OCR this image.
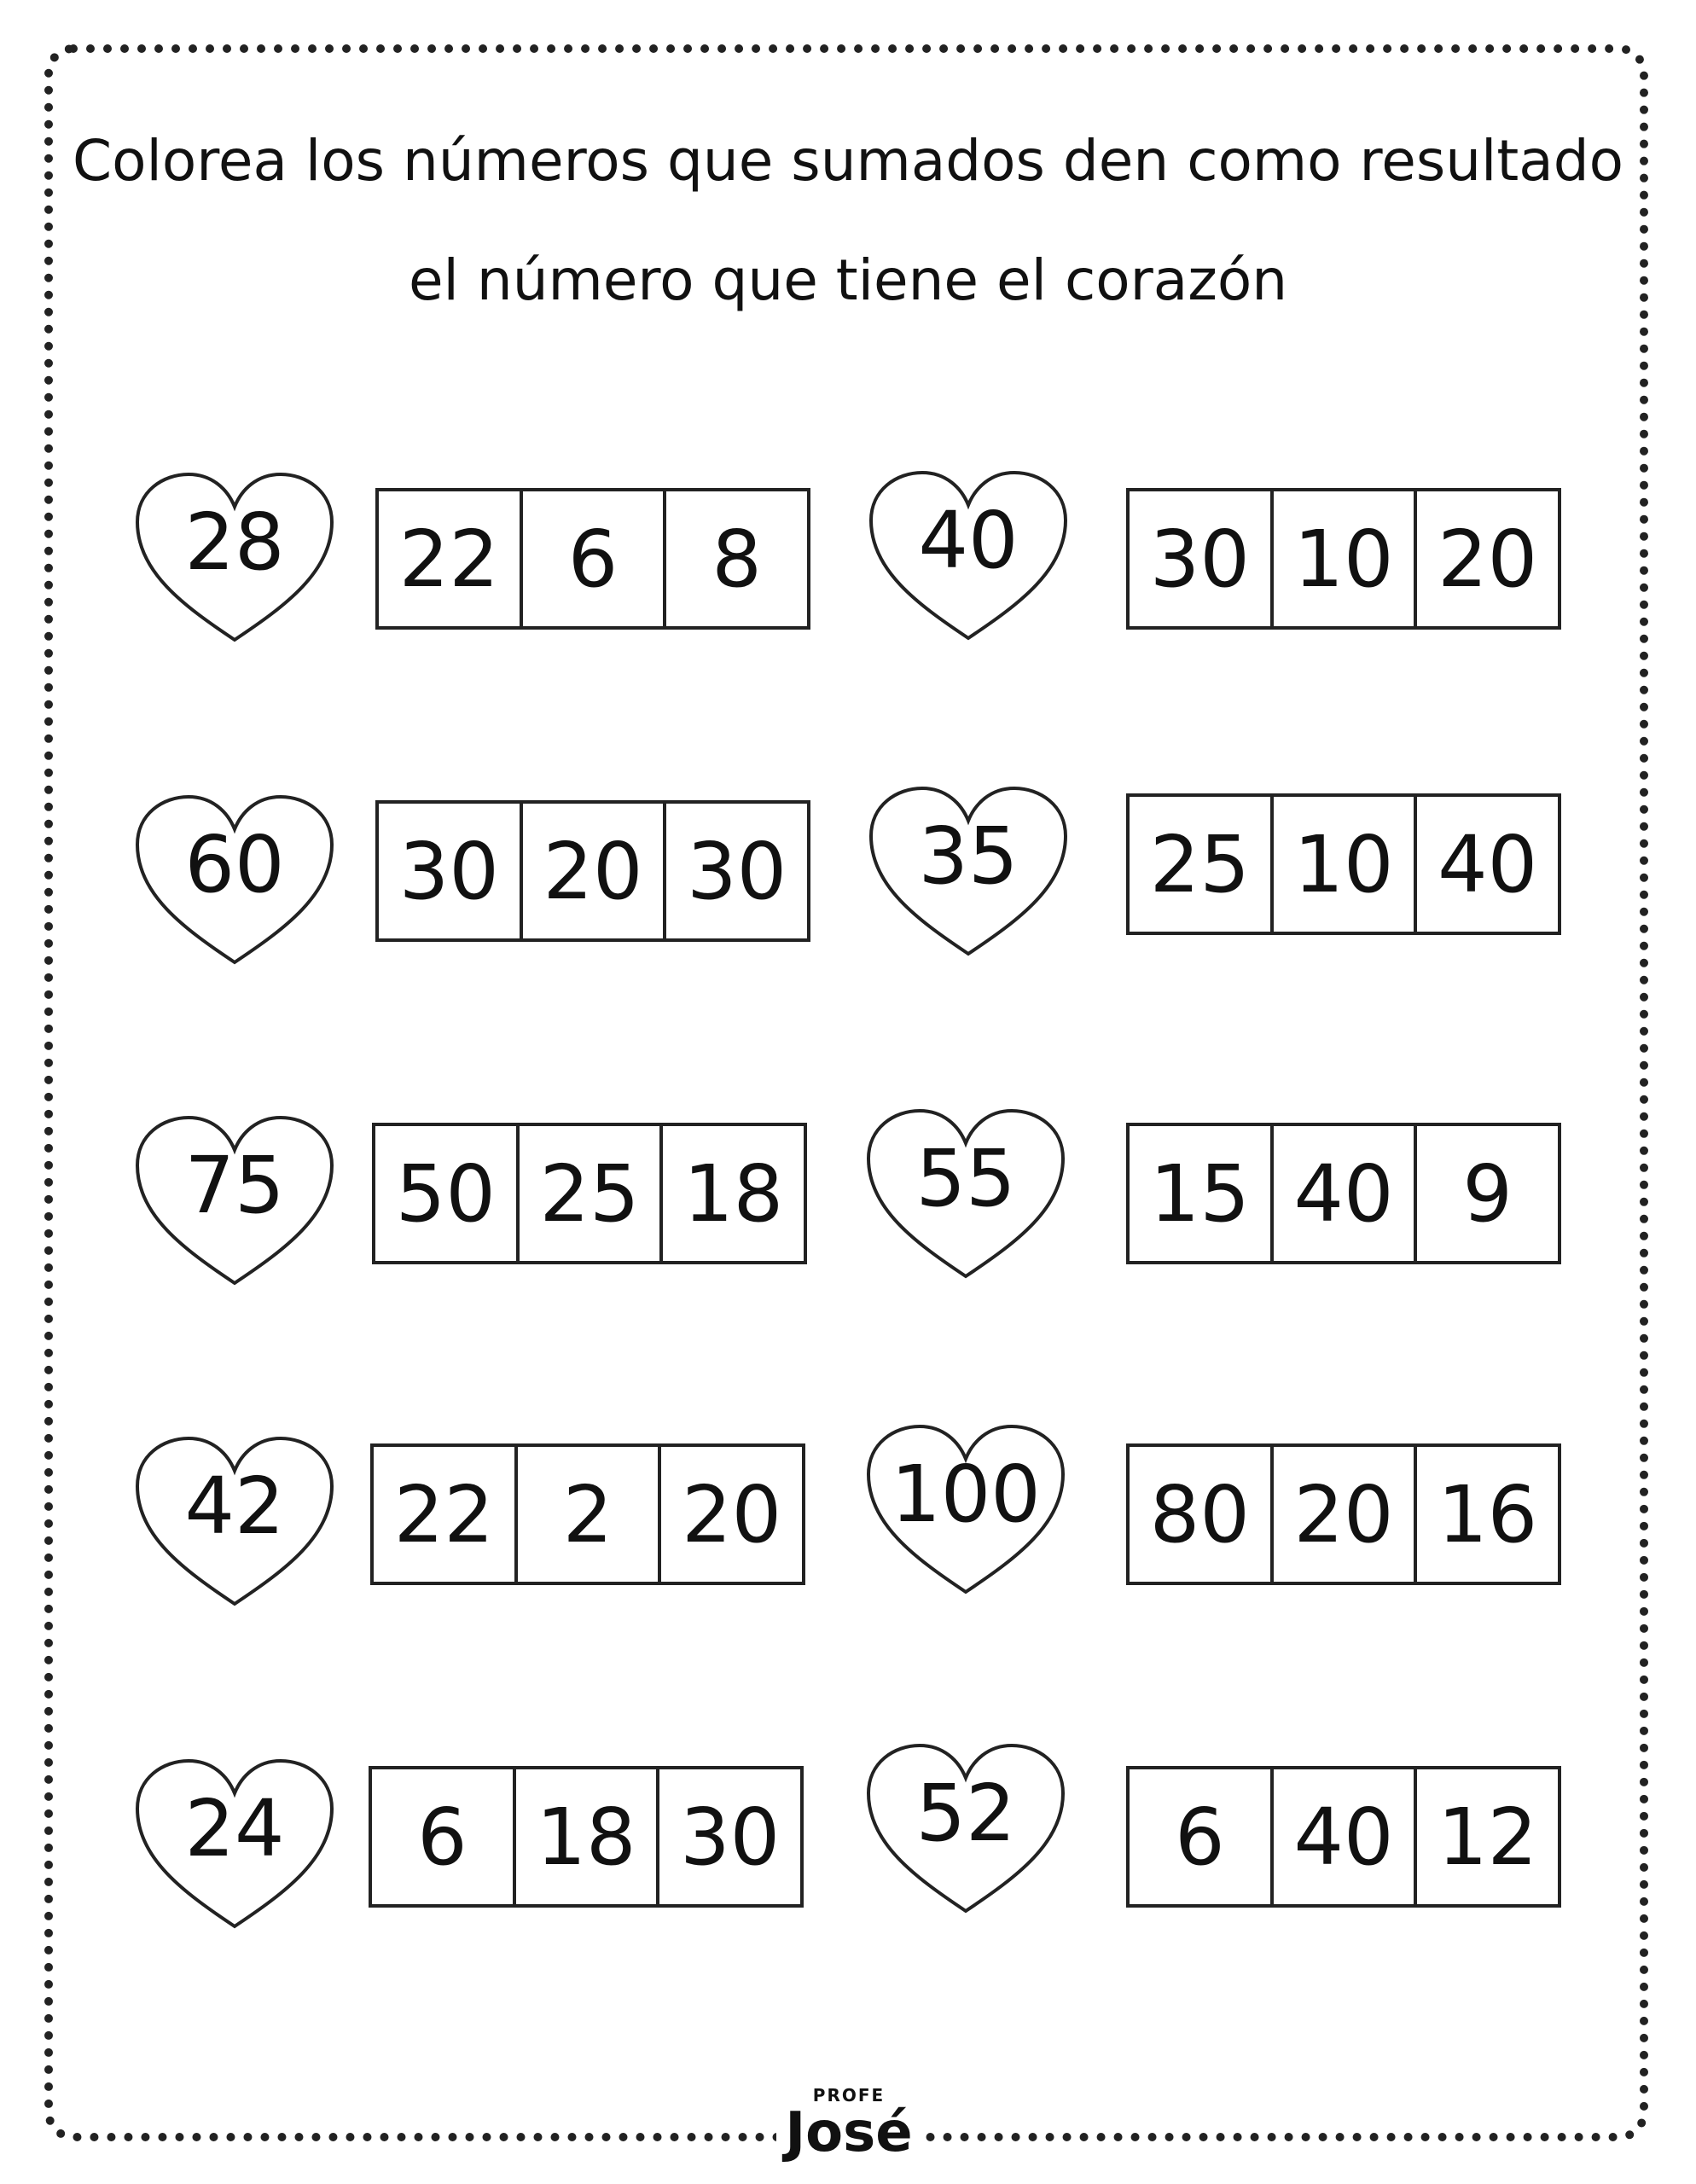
Colorea los números que sumados den como resultado
el número que tiene el corazón
28	22 6	8	40	30 10 20
60	30 20 30	35	25 10 40
75	50 25 18	55	15 40 9
42	22 2 20	100	80 20 16
24	6 18 30	52	6 40 12
PROFE
José
